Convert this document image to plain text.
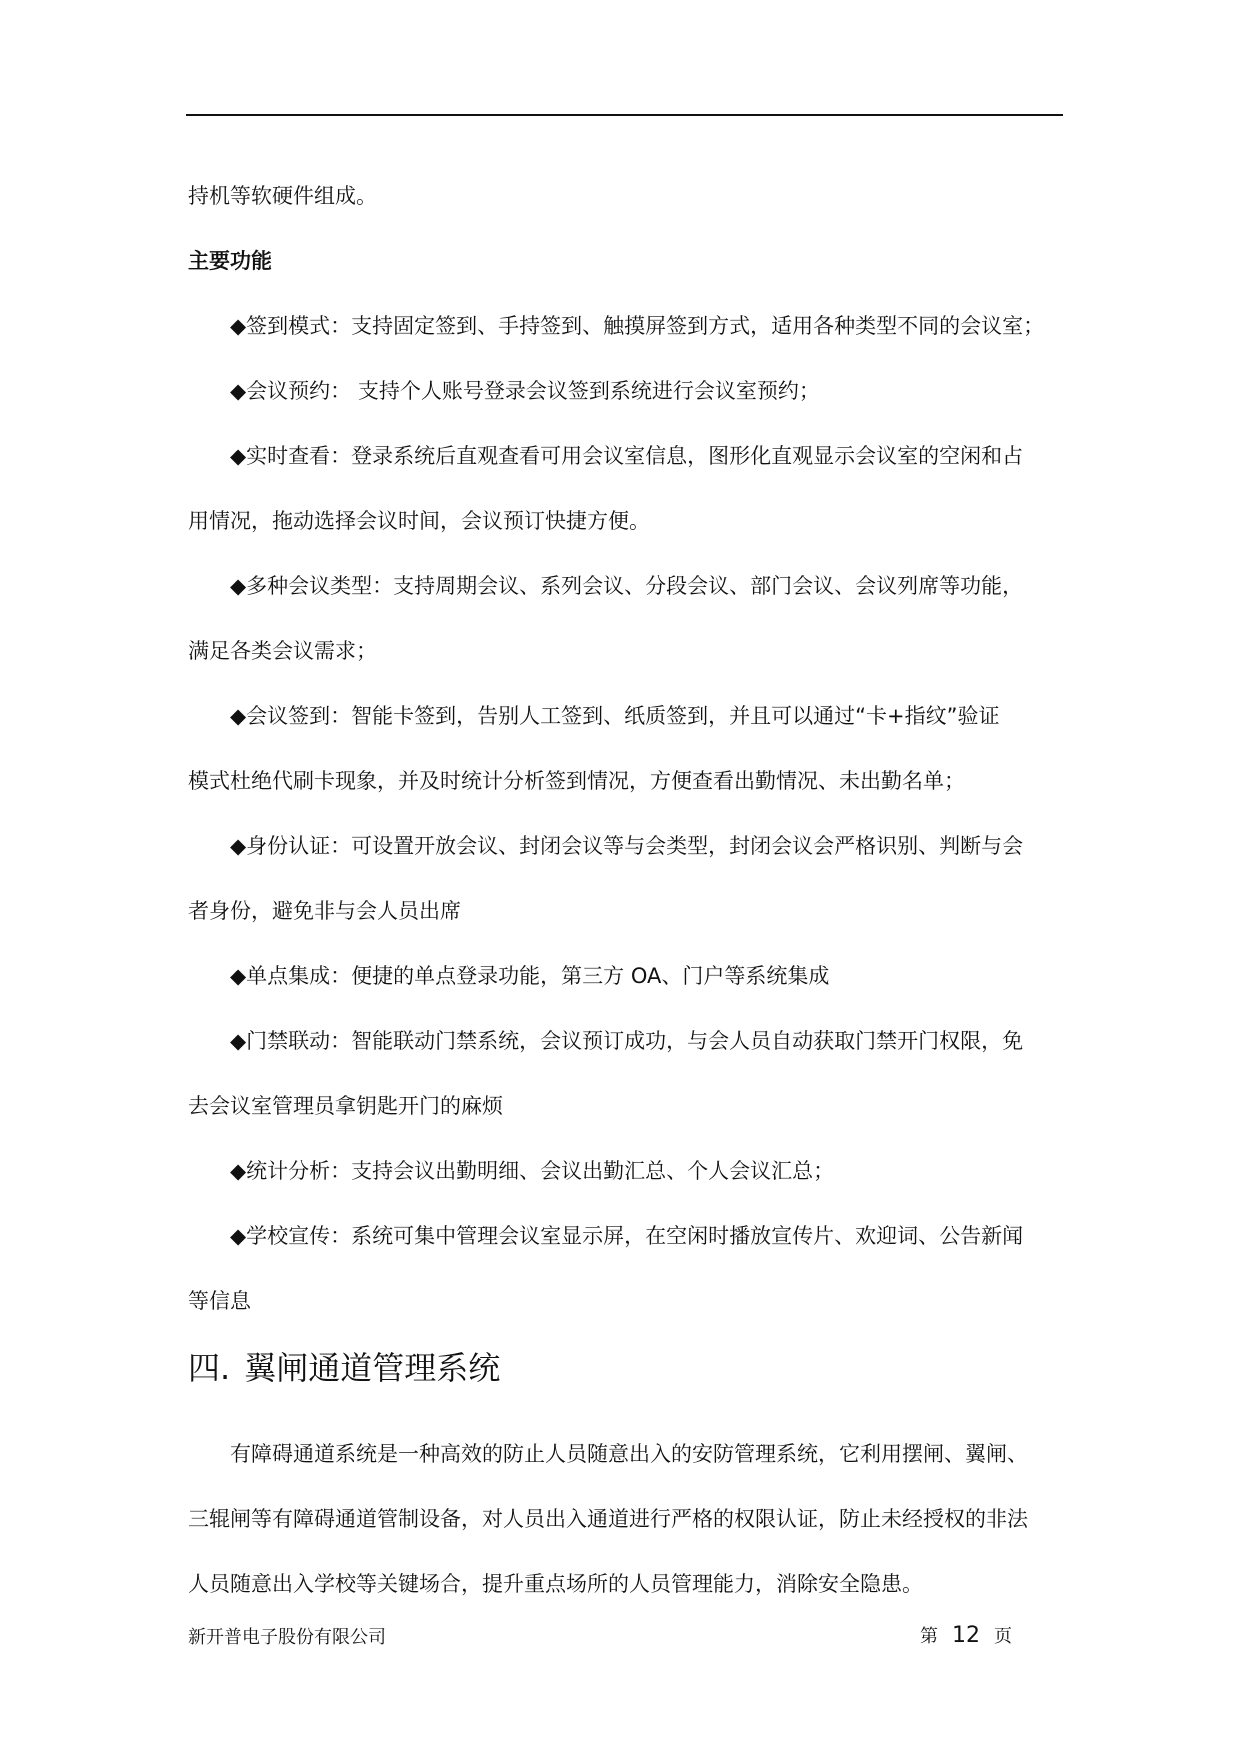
持机等软硬件组成。
主要功能
◆签到模式：支持固定签到、手持签到、触摸屏签到方式，适用各种类型不同的会议室；
◆会议预约： 支持个人账号登录会议签到系统进行会议室预约；
◆实时查看：登录系统后直观查看可用会议室信息，图形化直观显示会议室的空闲和占
用情况，拖动选择会议时间，会议预订快捷方便。
◆多种会议类型：支持周期会议、系列会议、分段会议、部门会议、会议列席等功能，
满足各类会议需求；
◆会议签到：智能卡签到，告别人工签到、纸质签到，并且可以通过“卡+指纹”验证
模式杜绝代刷卡现象，并及时统计分析签到情况，方便查看出勤情况、未出勤名单；
◆身份认证：可设置开放会议、封闭会议等与会类型，封闭会议会严格识别、判断与会
者身份，避免非与会人员出席
◆单点集成：便捷的单点登录功能，第三方 OA、门户等系统集成
◆门禁联动：智能联动门禁系统，会议预订成功，与会人员自动获取门禁开门权限，免
去会议室管理员拿钥匙开门的麻烦
◆统计分析：支持会议出勤明细、会议出勤汇总、个人会议汇总；
◆学校宣传：系统可集中管理会议室显示屏，在空闲时播放宣传片、欢迎词、公告新闻
等信息
四. 翼闸通道管理系统
有障碍通道系统是一种高效的防止人员随意出入的安防管理系统，它利用摆闸、翼闸、
三辊闸等有障碍通道管制设备，对人员出入通道进行严格的权限认证，防止未经授权的非法
人员随意出入学校等关键场合，提升重点场所的人员管理能力，消除安全隐患。
新开普电子股份有限公司	第 12 页
